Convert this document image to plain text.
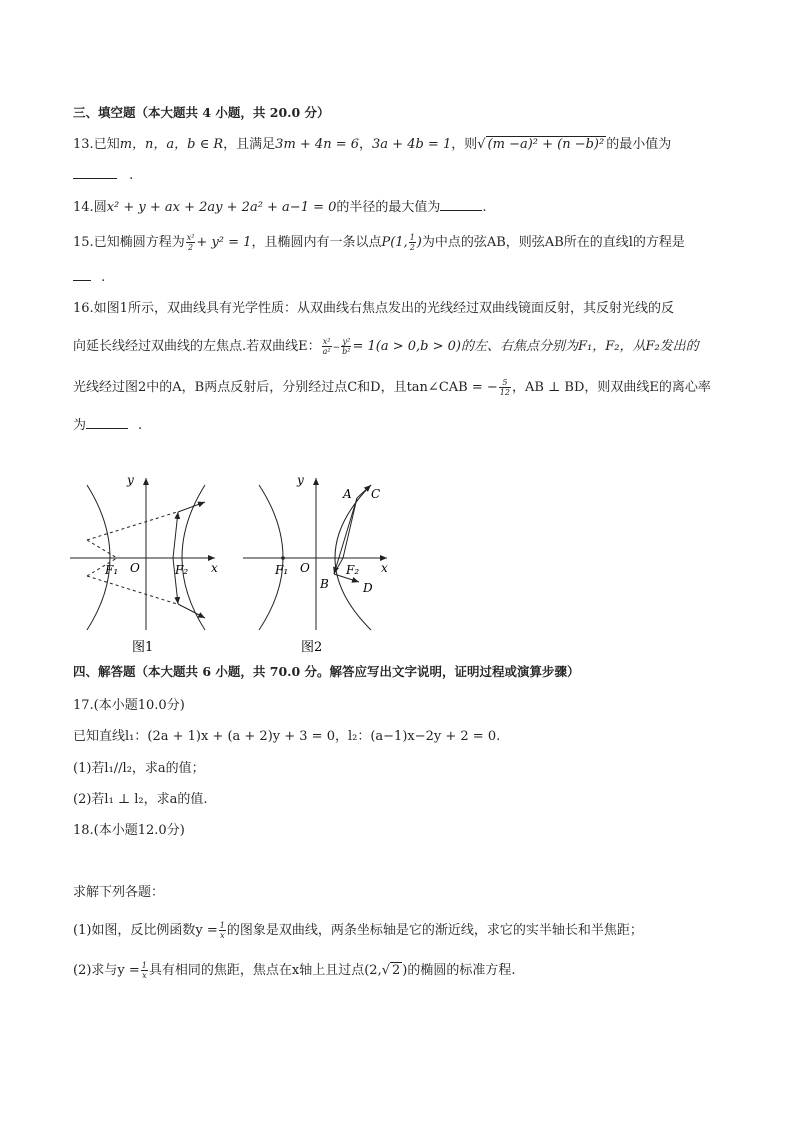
三、填空题（本大题共 4 小题，共 20.0 分）
13.已知m，n，a，b ∈ R，且满足3m + 4n = 6，3a + 4b = 1，则√ (m −a)² + (n −b)² 的最小值为
.
14.圆x² + y + ax + 2ay + 2a² + a−1 = 0的半径的最大值为	.
15.已知椭圆方程为 $\frac{\text{x²}}{2} + y^2 = 1$，且椭圆内有一条以点P(1, $\frac{1}{2}$ )为中点的弦AB，则弦AB所在的直线l的方程是
.
16.如图1所示，双曲线具有光学性质：从双曲线右焦点发出的光线经过双曲线镜面反射，其反射光线的反
向延长线经过双曲线的左焦点.若双曲线E： $\frac{\text{x²}}{\text{a²}} - \frac{\text{y²}}{\text{b²}} = 1(a > 0,b > 0)$的左、右焦点分别为F₁，F₂，从F₂发出的
光线经过图2中的A，B两点反射后，分别经过点C和D，且tan∠CAB = − $\frac{5}{12}$ ，AB ⊥ BD，则双曲线E的离心率
为	.
y
x
O
F₁	F₂
图1
y
x
O
F₁	F₂
A C
B	D
图2
四、解答题（本大题共 6 小题，共 70.0 分。解答应写出文字说明，证明过程或演算步骤）
17.(本小题10.0分)
已知直线l₁：(2a + 1)x + (a + 2)y + 3 = 0，l₂：(a−1)x−2y + 2 = 0.
(1)若l₁//l₂，求a的值；
(2)若l₁ ⊥ l₂，求a的值.
18.(本小题12.0分)
求解下列各题：
(1)如图，反比例函数$y = \frac{1}{x}$ 的图象是双曲线，两条坐标轴是它的渐近线，求它的实半轴长和半焦距；
(2)求与$y = \frac{1}{x}$ 具有相同的焦距，焦点在x轴上且过点(2,√ 2 )的椭圆的标准方程.
